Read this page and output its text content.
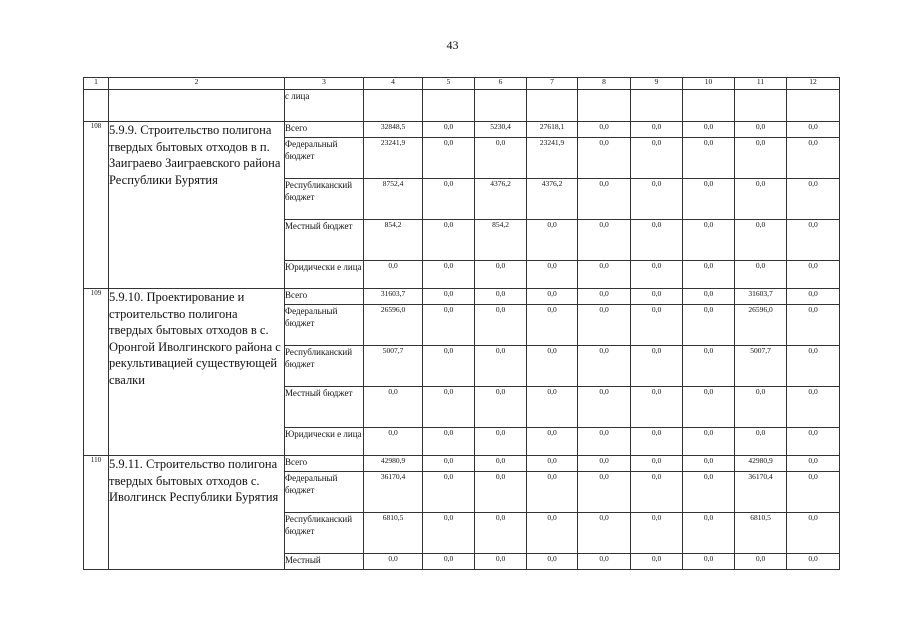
43
1	2	3	4	5	6	7	8	9	10	11	12
		с лица									
108	5.9.9. Строительство полигона твердых бытовых отходов в п. Заиграево Заиграевского района Республики Бурятия	Всего	32848,5	0,0	5230,4	27618,1	0,0	0,0	0,0	0,0	0,0
		Федеральный бюджет	23241,9	0,0	0,0	23241,9	0,0	0,0	0,0	0,0	0,0
		Республиканский бюджет	8752,4	0,0	4376,2	4376,2	0,0	0,0	0,0	0,0	0,0
		Местный бюджет	854,2	0,0	854,2	0,0	0,0	0,0	0,0	0,0	0,0
		Юридически е лица	0,0	0,0	0,0	0,0	0,0	0,0	0,0	0,0	0,0
109	5.9.10. Проектирование и строительство полигона твердых бытовых отходов в с. Оронгой Иволгинского района с рекультивацией существующей свалки	Всего	31603,7	0,0	0,0	0,0	0,0	0,0	0,0	31603,7	0,0
		Федеральный бюджет	26596,0	0,0	0,0	0,0	0,0	0,0	0,0	26596,0	0,0
		Республиканский бюджет	5007,7	0,0	0,0	0,0	0,0	0,0	0,0	5007,7	0,0
		Местный бюджет	0,0	0,0	0,0	0,0	0,0	0,0	0,0	0,0	0,0
		Юридически е лица	0,0	0,0	0,0	0,0	0,0	0,0	0,0	0,0	0,0
110	5.9.11. Строительство полигона твердых бытовых отходов с. Иволгинск Республики Бурятия	Всего	42980,9	0,0	0,0	0,0	0,0	0,0	0,0	42980,9	0,0
		Федеральный бюджет	36170,4	0,0	0,0	0,0	0,0	0,0	0,0	36170,4	0,0
		Республиканский бюджет	6810,5	0,0	0,0	0,0	0,0	0,0	0,0	6810,5	0,0
		Местный	0,0	0,0	0,0	0,0	0,0	0,0	0,0	0,0	0,0
